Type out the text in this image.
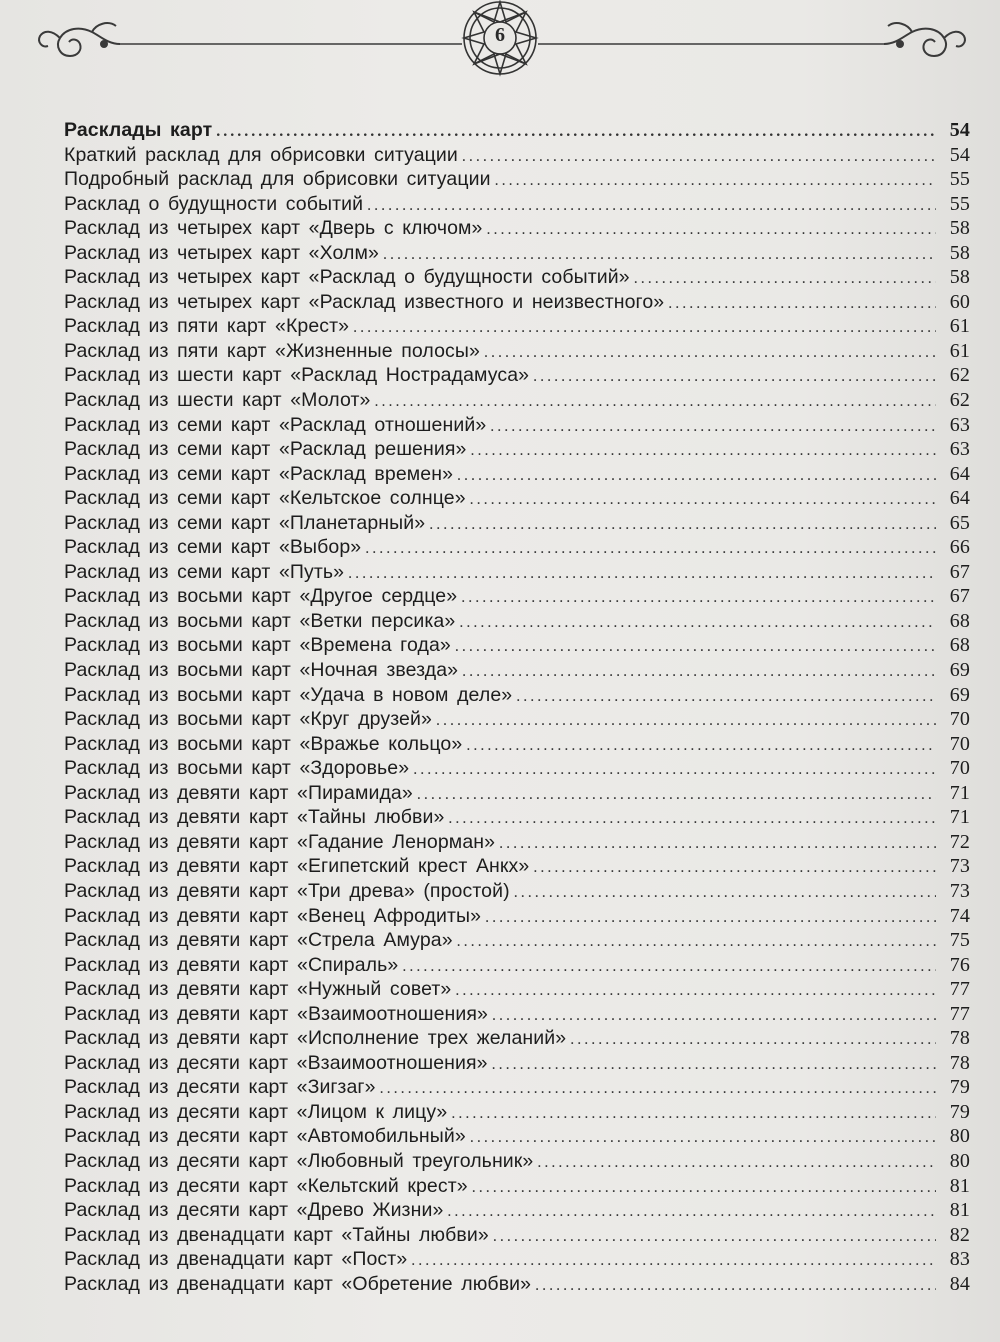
6
Расклады карт .....	54
Краткий расклад для обрисовки ситуации .....	54
Подробный расклад для обрисовки ситуации .....	55
Расклад о будущности событий .....	55
Расклад из четырех карт «Дверь с ключом» .....	58
Расклад из четырех карт «Холм» .....	58
Расклад из четырех карт «Расклад о будущности событий» .....	58
Расклад из четырех карт «Расклад известного и неизвестного» .....	60
Расклад из пяти карт «Крест» .....	61
Расклад из пяти карт «Жизненные полосы» .....	61
Расклад из шести карт «Расклад Нострадамуса» .....	62
Расклад из шести карт «Молот» .....	62
Расклад из семи карт «Расклад отношений» .....	63
Расклад из семи карт «Расклад решения» .....	63
Расклад из семи карт «Расклад времен» .....	64
Расклад из семи карт «Кельтское солнце» .....	64
Расклад из семи карт «Планетарный» .....	65
Расклад из семи карт «Выбор» .....	66
Расклад из семи карт «Путь» .....	67
Расклад из восьми карт «Другое сердце» .....	67
Расклад из восьми карт «Ветки персика» .....	68
Расклад из восьми карт «Времена года» .....	68
Расклад из восьми карт «Ночная звезда» .....	69
Расклад из восьми карт «Удача в новом деле» .....	69
Расклад из восьми карт «Круг друзей» .....	70
Расклад из восьми карт «Вражье кольцо» .....	70
Расклад из восьми карт «Здоровье» .....	70
Расклад из девяти карт «Пирамида» .....	71
Расклад из девяти карт «Тайны любви» .....	71
Расклад из девяти карт «Гадание Ленорман» .....	72
Расклад из девяти карт «Египетский крест Анкх» .....	73
Расклад из девяти карт «Три древа» (простой) .....	73
Расклад из девяти карт «Венец Афродиты» .....	74
Расклад из девяти карт «Стрела Амура» .....	75
Расклад из девяти карт «Спираль» .....	76
Расклад из девяти карт «Нужный совет» .....	77
Расклад из девяти карт «Взаимоотношения» .....	77
Расклад из девяти карт «Исполнение трех желаний» .....	78
Расклад из десяти карт «Взаимоотношения» .....	78
Расклад из десяти карт «Зигзаг» .....	79
Расклад из десяти карт «Лицом к лицу» .....	79
Расклад из десяти карт «Автомобильный» .....	80
Расклад из десяти карт «Любовный треугольник» .....	80
Расклад из десяти карт «Кельтский крест» .....	81
Расклад из десяти карт «Древо Жизни» .....	81
Расклад из двенадцати карт «Тайны любви» .....	82
Расклад из двенадцати карт «Пост» .....	83
Расклад из двенадцати карт «Обретение любви» .....	84
